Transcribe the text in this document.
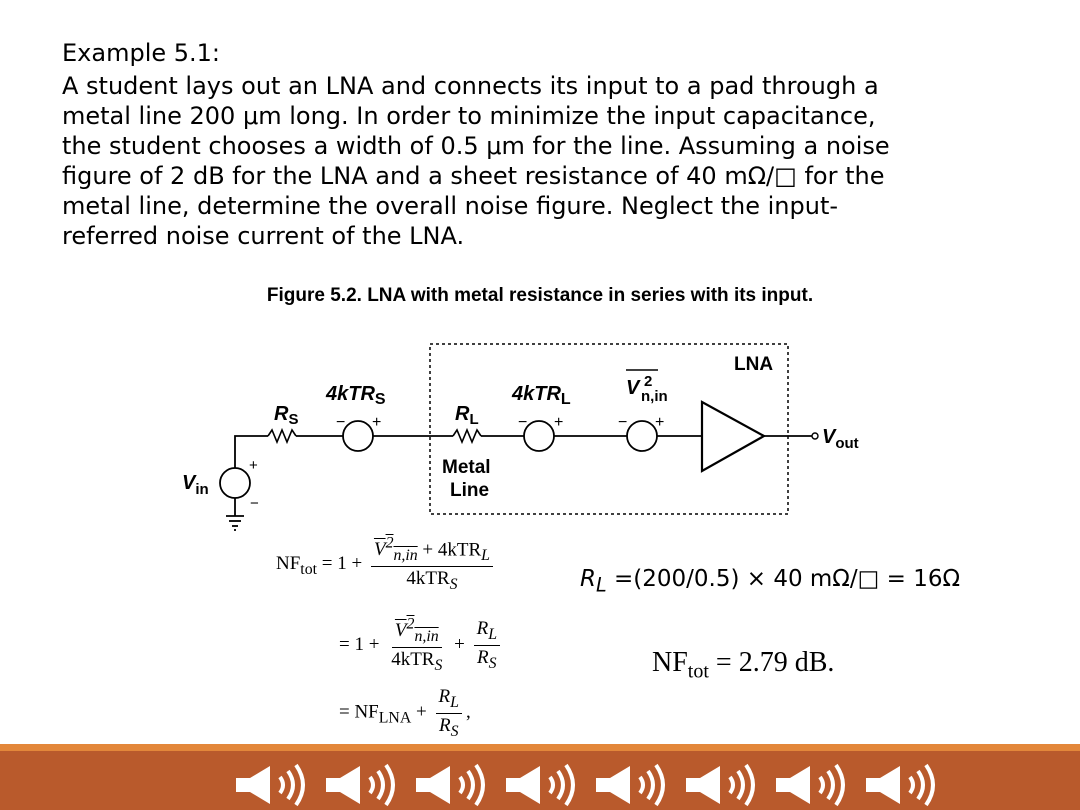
Example 5.1:
A student lays out an LNA and connects its input to a pad through a
metal line 200 μm long. In order to minimize the input capacitance,
the student chooses a width of 0.5 μm for the line. Assuming a noise
figure of 2 dB for the LNA and a sheet resistance of 40 mΩ/□ for the
metal line, determine the overall noise figure. Neglect the input-
referred noise current of the LNA.
Figure 5.2. LNA with metal resistance in series with its input.
LNA
+
−
$V_{in}$
$R_S$
4kTR$_S$
− +	$R_L$
4kTR$_L$
− +
V 2
n,in
− +
Metal
Line
$V_{out}$
$NF_{tot} = 1 + \frac{V^2_{n,in} + 4kTR_L}{4kTR_S}$
= $1 + \frac{V^2_{n,in}}{4kTR_S} + \frac{R_L}{R_S}$
= $NF_{LNA} + \frac{R_L}{R_S}$ ,
$R_L =(200/0.5) \times 40$ mΩ/□ = 16Ω
$NF_{tot} = 2.79$ dB.
